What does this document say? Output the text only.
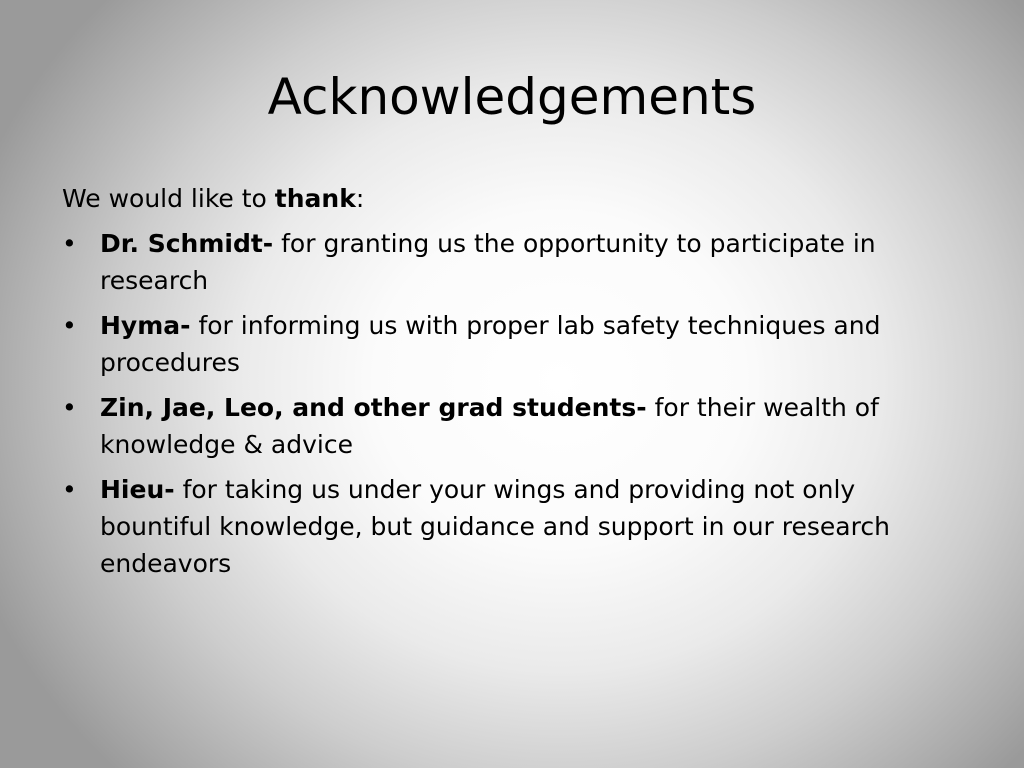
Acknowledgements

We would like to thank:

• Dr. Schmidt- for granting us the opportunity to participate in research
• Hyma- for informing us with proper lab safety techniques and procedures
• Zin, Jae, Leo, and other grad students- for their wealth of knowledge & advice
• Hieu- for taking us under your wings and providing not only bountiful knowledge, but guidance and support in our research endeavors
